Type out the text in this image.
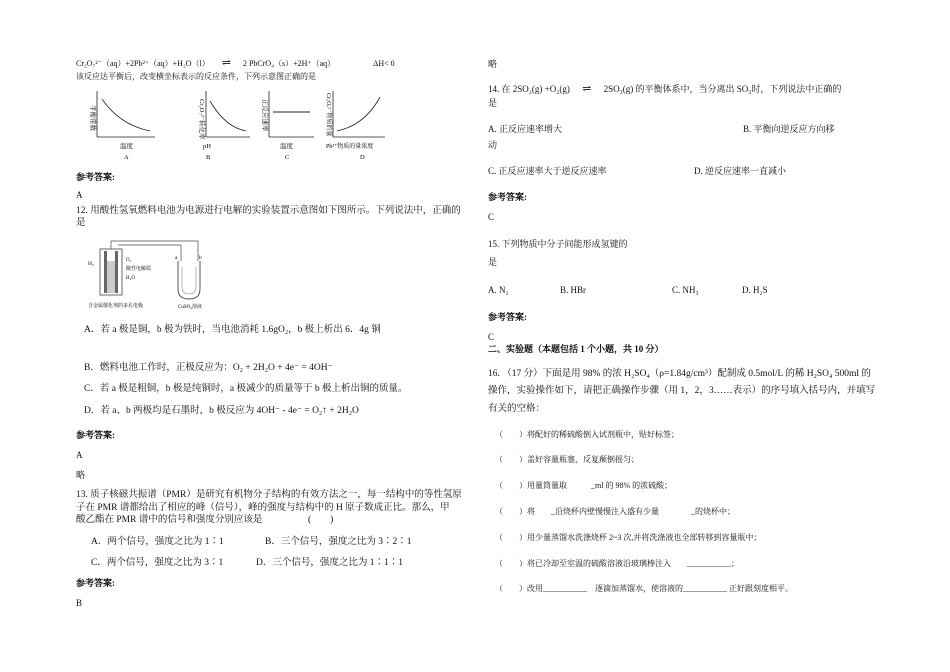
Cr₂O₇²⁻（aq）+2Pb²⁺（aq）+H₂O（l） ⇌ 2 PbCrO₄（s）+2H⁺（aq）	ΔH< 0
该反应达平衡后，改变横坐标表示的反应条件，下列示意图正确的是
平衡常数
温度
A
Cr₂O₇²⁻转化率
pH
B
正反应速率
温度
C
Cr₂O₇²⁻物质的量
Pb²⁺物质的量浓度
D
参考答案:
A
12. 用酸性氢氧燃料电池为电源进行电解的实验装置示意图如下图所示。下列说法中，正确的
是
H₂
O₂
酸性电解质
H₂O
a	b
含金属催化剂的多孔电极	CuSO₄溶液
A．若 a 极是铜，b 极为铁时，当电池消耗 1.6gO₂，b 极上析出 6．4g 铜
B．燃料电池工作时，正极反应为：O₂ + 2H₂O + 4e⁻ = 4OH⁻
C．若 a 极是粗铜，b 极是纯铜时，a 极减少的质量等于 b 极上析出铜的质量。
D．若 a、b 两极均是石墨时，b 极反应为 4OH⁻ - 4e⁻ = O₂↑ + 2H₂O
参考答案:
A
略
13. 质子核磁共振谱（PMR）是研究有机物分子结构的有效方法之一，每一结构中的等性氢原
子在 PMR 谱都给出了相应的峰（信号），峰的强度与结构中的 H 原子数成正比。那么，甲
酸乙酯在 PMR 谱中的信号和强度分别应该是	(　　)
A．两个信号，强度之比为 1∶1	B．三个信号，强度之比为 3∶2∶1
C．两个信号，强度之比为 3∶1	D．三个信号，强度之比为 1∶1∶1
参考答案:
B
略
14. 在 2SO₂(g) +O₂(g) ⇌ 2SO₃(g) 的平衡体系中，当分离出 SO₃时，下列说法中正确的
是
A. 正反应速率增大	B. 平衡向逆反应方向移
动
C. 正反应速率大于逆反应速率	D. 逆反应速率一直减小
参考答案:
C
15. 下列物质中分子间能形成氢键的
是
A. N₂	B. HBr	C. NH₃	D. H₂S
参考答案:
C
二、实验题（本题包括 1 个小题，共 10 分）
16. （17 分）下面是用 98% 的浓 H₂SO₄（ρ=1.84g/cm³）配制成 0.5mol/L 的稀 H₂SO₄ 500ml 的
操作，实验操作如下，请把正确操作步骤（用 1，2，3……表示）的序号填入括号内，并填写
有关的空格：
（　　）将配好的稀硫酸倒入试剂瓶中，贴好标签；
（　　）盖好容量瓶塞，反复颠倒摇匀；
（　　）用量筒量取　　　_ml 的 98% 的浓硫酸；
（　　）将　　_沿烧杯内壁慢慢注入盛有少量　　　　_的烧杯中；
（　　）用少量蒸馏水洗涤烧杯 2~3 次,并将洗涤液也全部转移到容量瓶中；
（　　）将已冷却至室温的硫酸溶液沿玻璃棒注入　　___________；
（　　）改用___________　逐滴加蒸馏水，使溶液的___________ 正好跟刻度相平。
